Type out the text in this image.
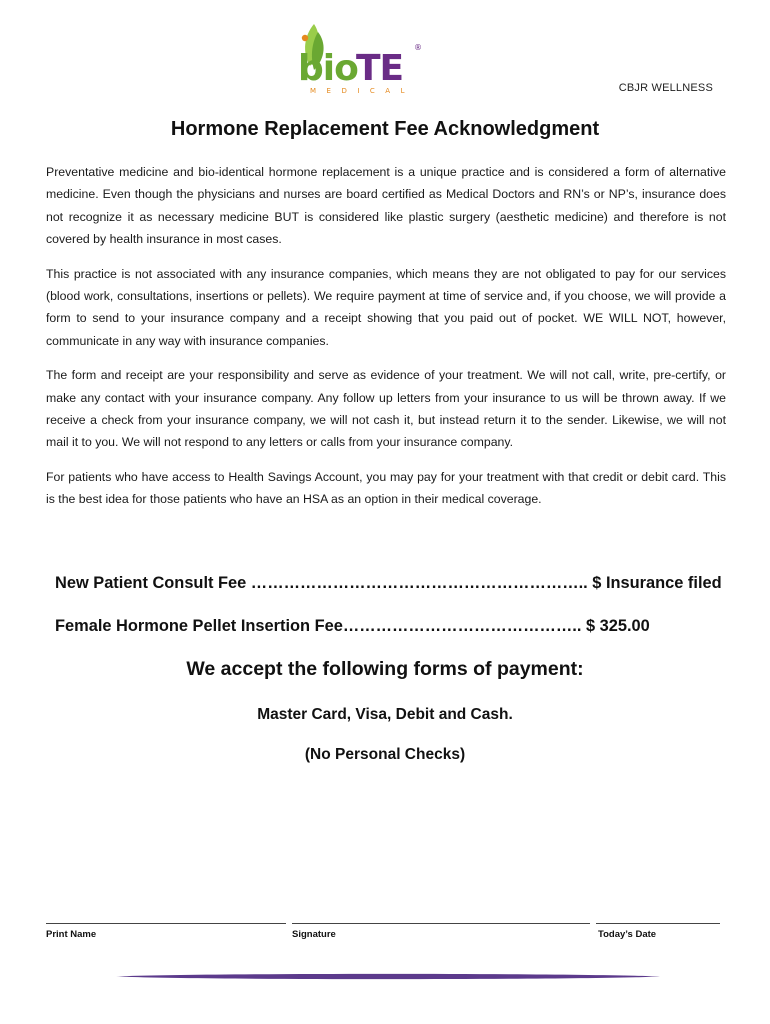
bio
TE
®
MEDICAL	CBJR WELLNESS
Hormone Replacement Fee Acknowledgment

Preventative medicine and bio-identical hormone replacement is a unique practice and is considered a form of alternative medicine. Even though the physicians and nurses are board certified as Medical Doctors and RN’s or NP’s, insurance does not recognize it as necessary medicine BUT is considered like plastic surgery (aesthetic medicine) and therefore is not covered by health insurance in most cases.

This practice is not associated with any insurance companies, which means they are not obligated to pay for our services (blood work, consultations, insertions or pellets). We require payment at time of service and, if you choose, we will provide a form to send to your insurance company and a receipt showing that you paid out of pocket. WE WILL NOT, however, communicate in any way with insurance companies.

The form and receipt are your responsibility and serve as evidence of your treatment. We will not call, write, pre-certify, or make any contact with your insurance company. Any follow up letters from your insurance to us will be thrown away. If we receive a check from your insurance company, we will not cash it, but instead return it to the sender. Likewise, we will not mail it to you. We will not respond to any letters or calls from your insurance company.

For patients who have access to Health Savings Account, you may pay for your treatment with that credit or debit card. This is the best idea for those patients who have an HSA as an option in their medical coverage.

New Patient Consult Fee …………………………………………………….. $ Insurance filed

Female Hormone Pellet Insertion Fee…………………………………….. $ 325.00

We accept the following forms of payment:

Master Card, Visa, Debit and Cash.

(No Personal Checks)

Print Name	Signature	Today’s Date
